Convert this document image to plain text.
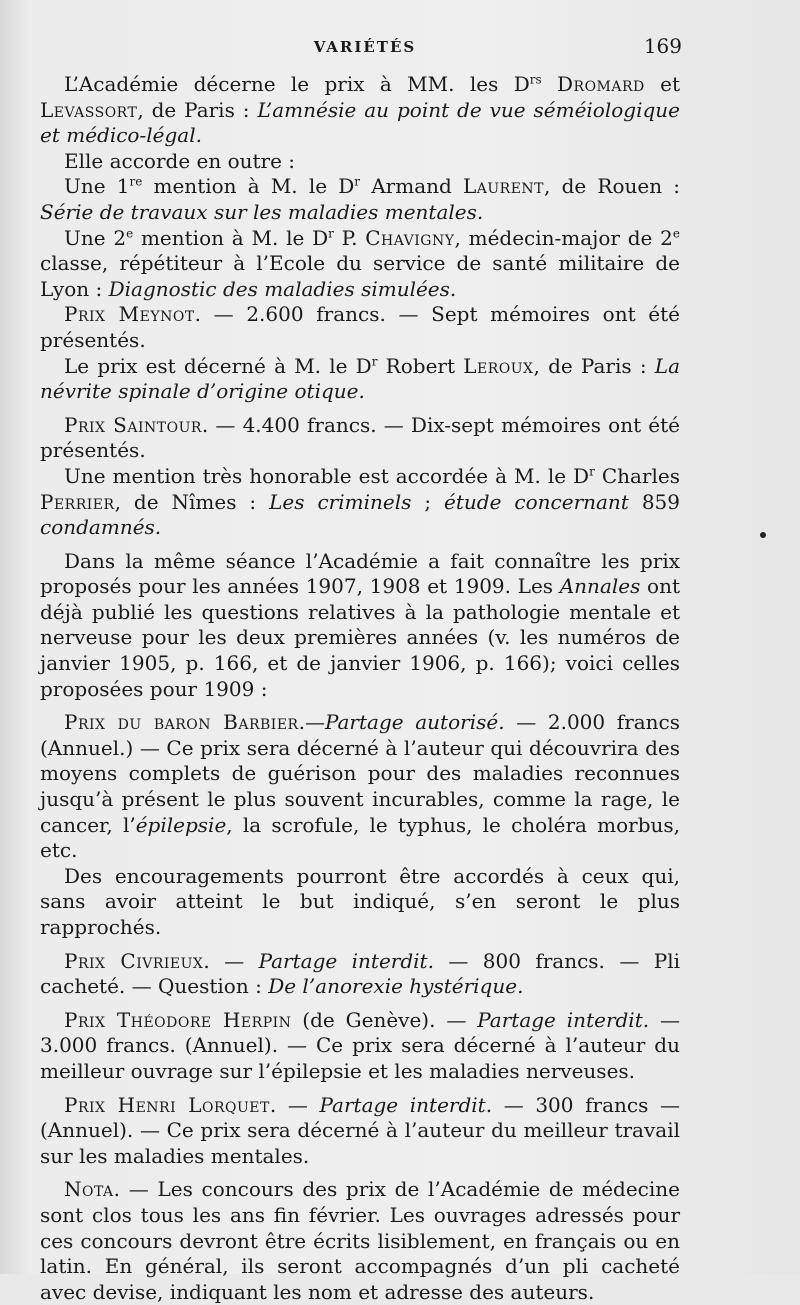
VARIÉTÉS	169

L’Académie décerne le prix à MM. les $D^{rs}$ Dromard et Levassort, de Paris : L’amnésie au point de vue séméiologique et médico-légal.

Elle accorde en outre :

Une 1re mention à M. le $D^r$ Armand Laurent, de Rouen : Série de travaux sur les maladies mentales.

Une 2e mention à M. le $D^r$ P. Chavigny, médecin-major de 2e classe, répétiteur à l’Ecole du service de santé militaire de Lyon : Diagnostic des maladies simulées.

Prix Meynot. — 2.600 francs. — Sept mémoires ont été présentés.

Le prix est décerné à M. le $D^r$ Robert Leroux, de Paris : La névrite spinale d’origine otique.

Prix Saintour. — 4.400 francs. — Dix-sept mémoires ont été présentés.

Une mention très honorable est accordée à M. le $D^r$ Charles Perrier, de Nîmes : Les criminels ; étude concernant 859 condamnés.

Dans la même séance l’Académie a fait connaître les prix proposés pour les années 1907, 1908 et 1909. Les Annales ont déjà publié les questions relatives à la pathologie mentale et nerveuse pour les deux premières années (v. les numéros de janvier 1905, p. 166, et de janvier 1906, p. 166); voici celles proposées pour 1909 :

Prix du baron Barbier.—Partage autorisé. — 2.000 francs (Annuel.) — Ce prix sera décerné à l’auteur qui découvrira des moyens complets de guérison pour des maladies reconnues jusqu’à présent le plus souvent incurables, comme la rage, le cancer, l’épilepsie, la scrofule, le typhus, le choléra morbus, etc.

Des encouragements pourront être accordés à ceux qui, sans avoir atteint le but indiqué, s’en seront le plus rapprochés.

Prix Civrieux. — Partage interdit. — 800 francs. — Pli cacheté. — Question : De l’anorexie hystérique.

Prix Théodore Herpin (de Genève). — Partage interdit. — 3.000 francs. (Annuel). — Ce prix sera décerné à l’auteur du meilleur ouvrage sur l’épilepsie et les maladies nerveuses.

Prix Henri Lorquet. — Partage interdit. — 300 francs — (Annuel). — Ce prix sera décerné à l’auteur du meilleur travail sur les maladies mentales.

Nota. — Les concours des prix de l’Académie de médecine sont clos tous les ans fin février. Les ouvrages adressés pour ces concours devront être écrits lisiblement, en français ou en latin. En général, ils seront accompagnés d’un pli cacheté avec devise, indiquant les nom et adresse des auteurs.
